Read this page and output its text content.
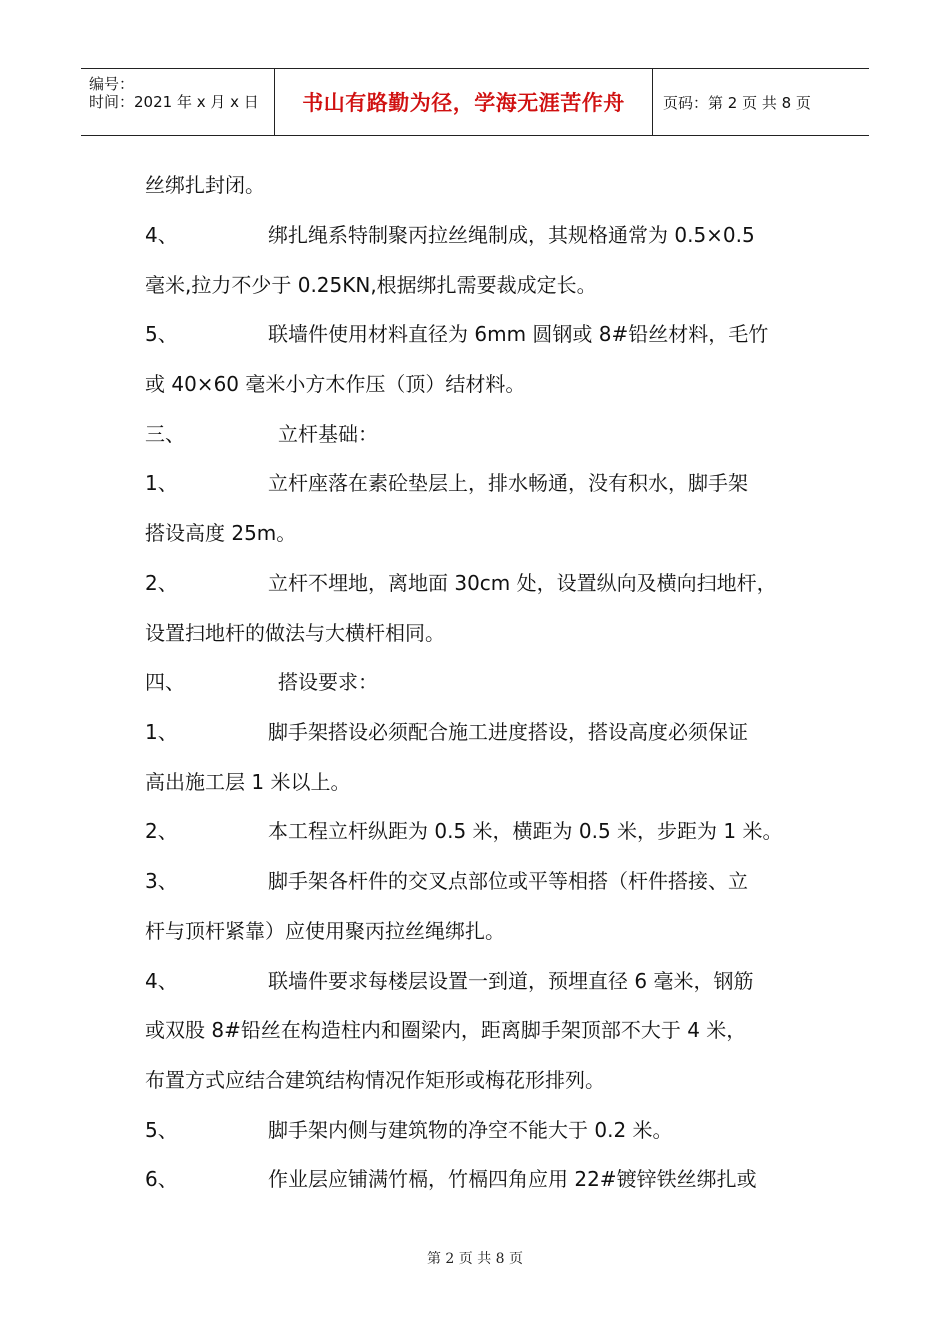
编号：
时间：2021 年 x 月 x 日 书山有路勤为径，学海无涯苦作舟	页码：第 2 页 共 8 页
丝绑扎封闭。
4、	绑扎绳系特制聚丙拉丝绳制成，其规格通常为 0.5×0.5
毫米,拉力不少于 0.25KN,根据绑扎需要裁成定长。
5、	联墙件使用材料直径为 6mm 圆钢或 8#铅丝材料，毛竹
或 40×60 毫米小方木作压（顶）结材料。
三、	立杆基础：
1、	立杆座落在素砼垫层上，排水畅通，没有积水，脚手架
搭设高度 25m。
2、	立杆不埋地，离地面 30cm 处，设置纵向及横向扫地杆，
设置扫地杆的做法与大横杆相同。
四、	搭设要求：
1、	脚手架搭设必须配合施工进度搭设，搭设高度必须保证
高出施工层 1 米以上。
2、	本工程立杆纵距为 0.5 米，横距为 0.5 米，步距为 1 米。
3、	脚手架各杆件的交叉点部位或平等相搭（杆件搭接、立
杆与顶杆紧靠）应使用聚丙拉丝绳绑扎。
4、	联墙件要求每楼层设置一到道，预埋直径 6 毫米，钢筋
或双股 8#铅丝在构造柱内和圈梁内，距离脚手架顶部不大于 4 米，
布置方式应结合建筑结构情况作矩形或梅花形排列。
5、	脚手架内侧与建筑物的净空不能大于 0.2 米。
6、	作业层应铺满竹槅，竹槅四角应用 22#镀锌铁丝绑扎或
第 2 页 共 8 页
